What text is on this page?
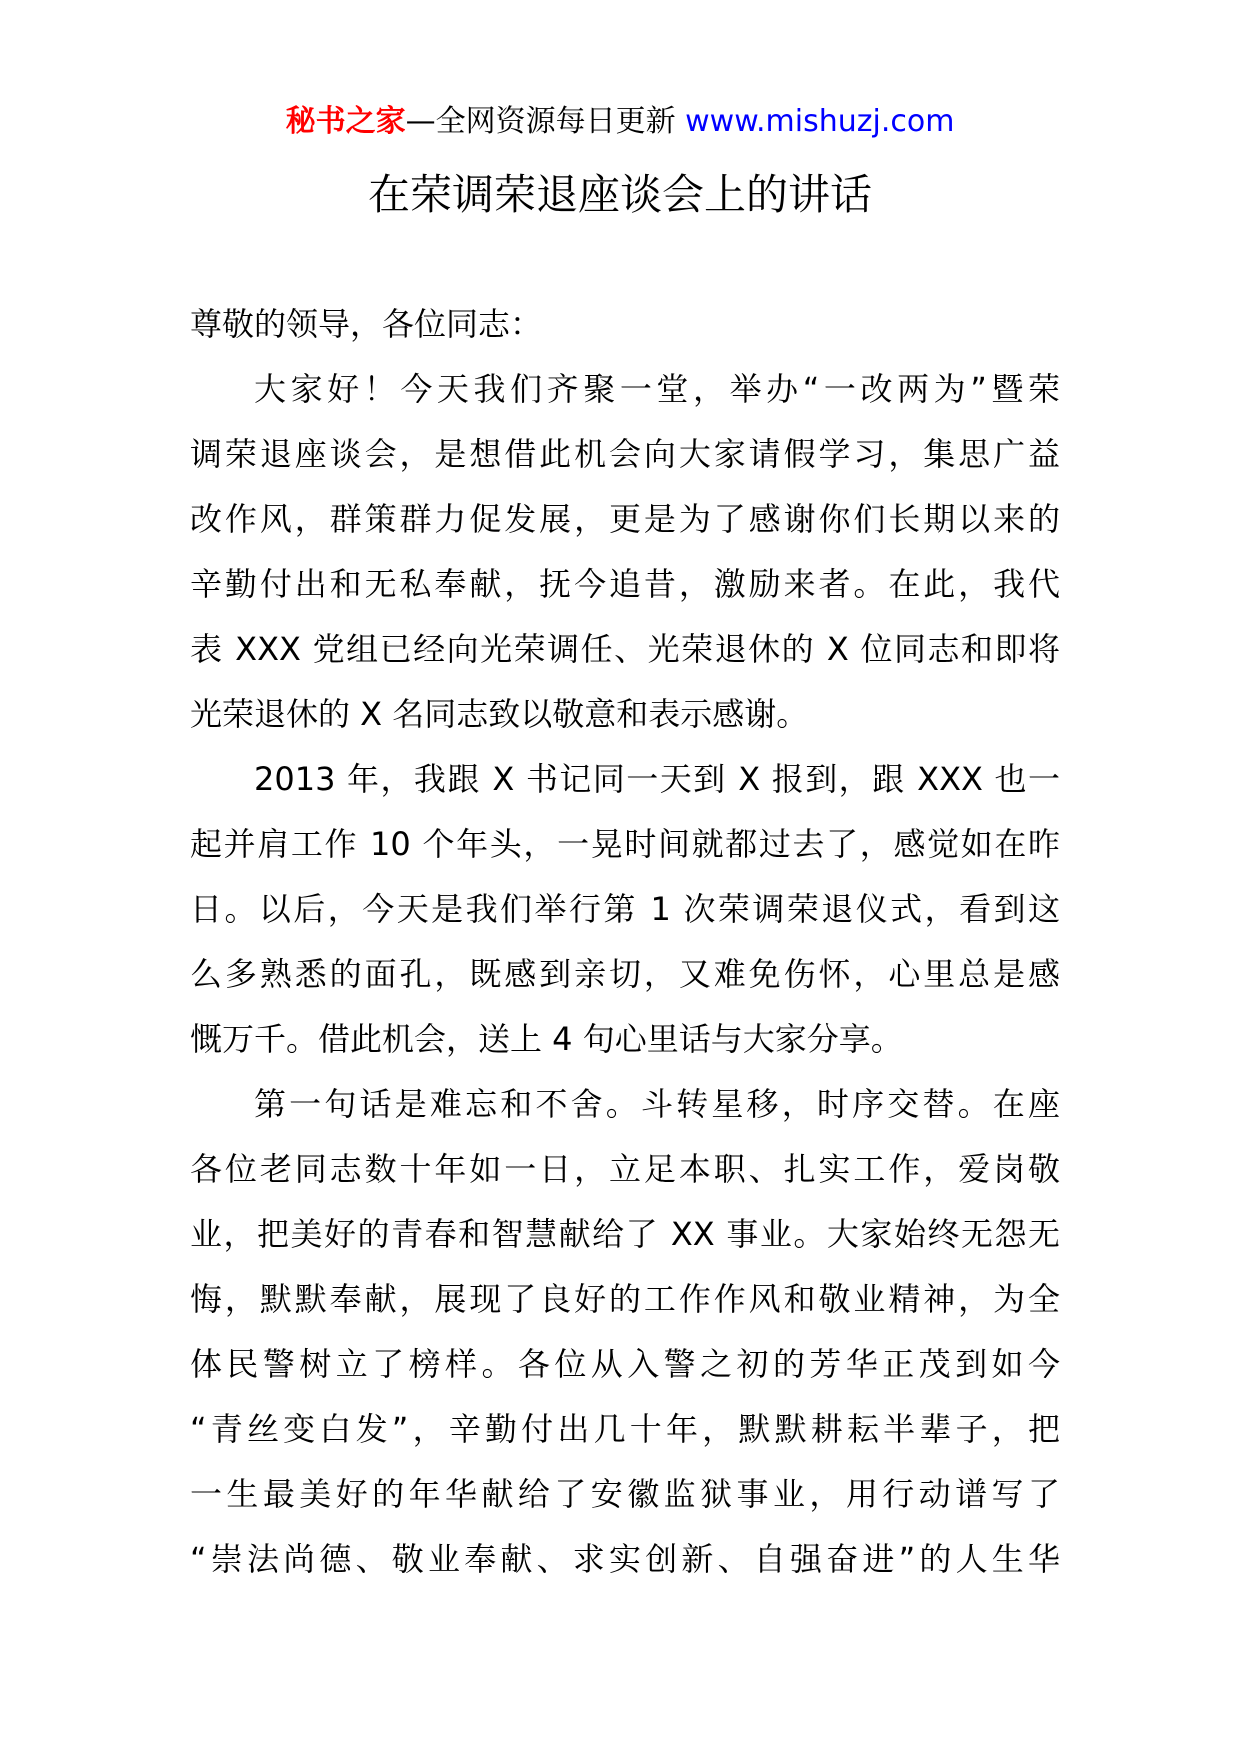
秘书之家—全网资源每日更新 www.mishuzj.com
在荣调荣退座谈会上的讲话
尊敬的领导，各位同志：
大家好！今天我们齐聚一堂，举办“一改两为”暨荣
调荣退座谈会，是想借此机会向大家请假学习，集思广益
改作风，群策群力促发展，更是为了感谢你们长期以来的
辛勤付出和无私奉献，抚今追昔，激励来者。在此，我代
表 XXX 党组已经向光荣调任、光荣退休的 X 位同志和即将
光荣退休的 X 名同志致以敬意和表示感谢。
2013 年，我跟 X 书记同一天到 X 报到，跟 XXX 也一
起并肩工作 10 个年头，一晃时间就都过去了，感觉如在昨
日。以后，今天是我们举行第 1 次荣调荣退仪式，看到这
么多熟悉的面孔，既感到亲切，又难免伤怀，心里总是感
慨万千。借此机会，送上 4 句心里话与大家分享。
第一句话是难忘和不舍。斗转星移，时序交替。在座
各位老同志数十年如一日，立足本职、扎实工作，爱岗敬
业，把美好的青春和智慧献给了 XX 事业。大家始终无怨无
悔，默默奉献，展现了良好的工作作风和敬业精神，为全
体民警树立了榜样。各位从入警之初的芳华正茂到如今
“青丝变白发”，辛勤付出几十年，默默耕耘半辈子，把
一生最美好的年华献给了安徽监狱事业，用行动谱写了
“崇法尚德、敬业奉献、求实创新、自强奋进”的人生华
